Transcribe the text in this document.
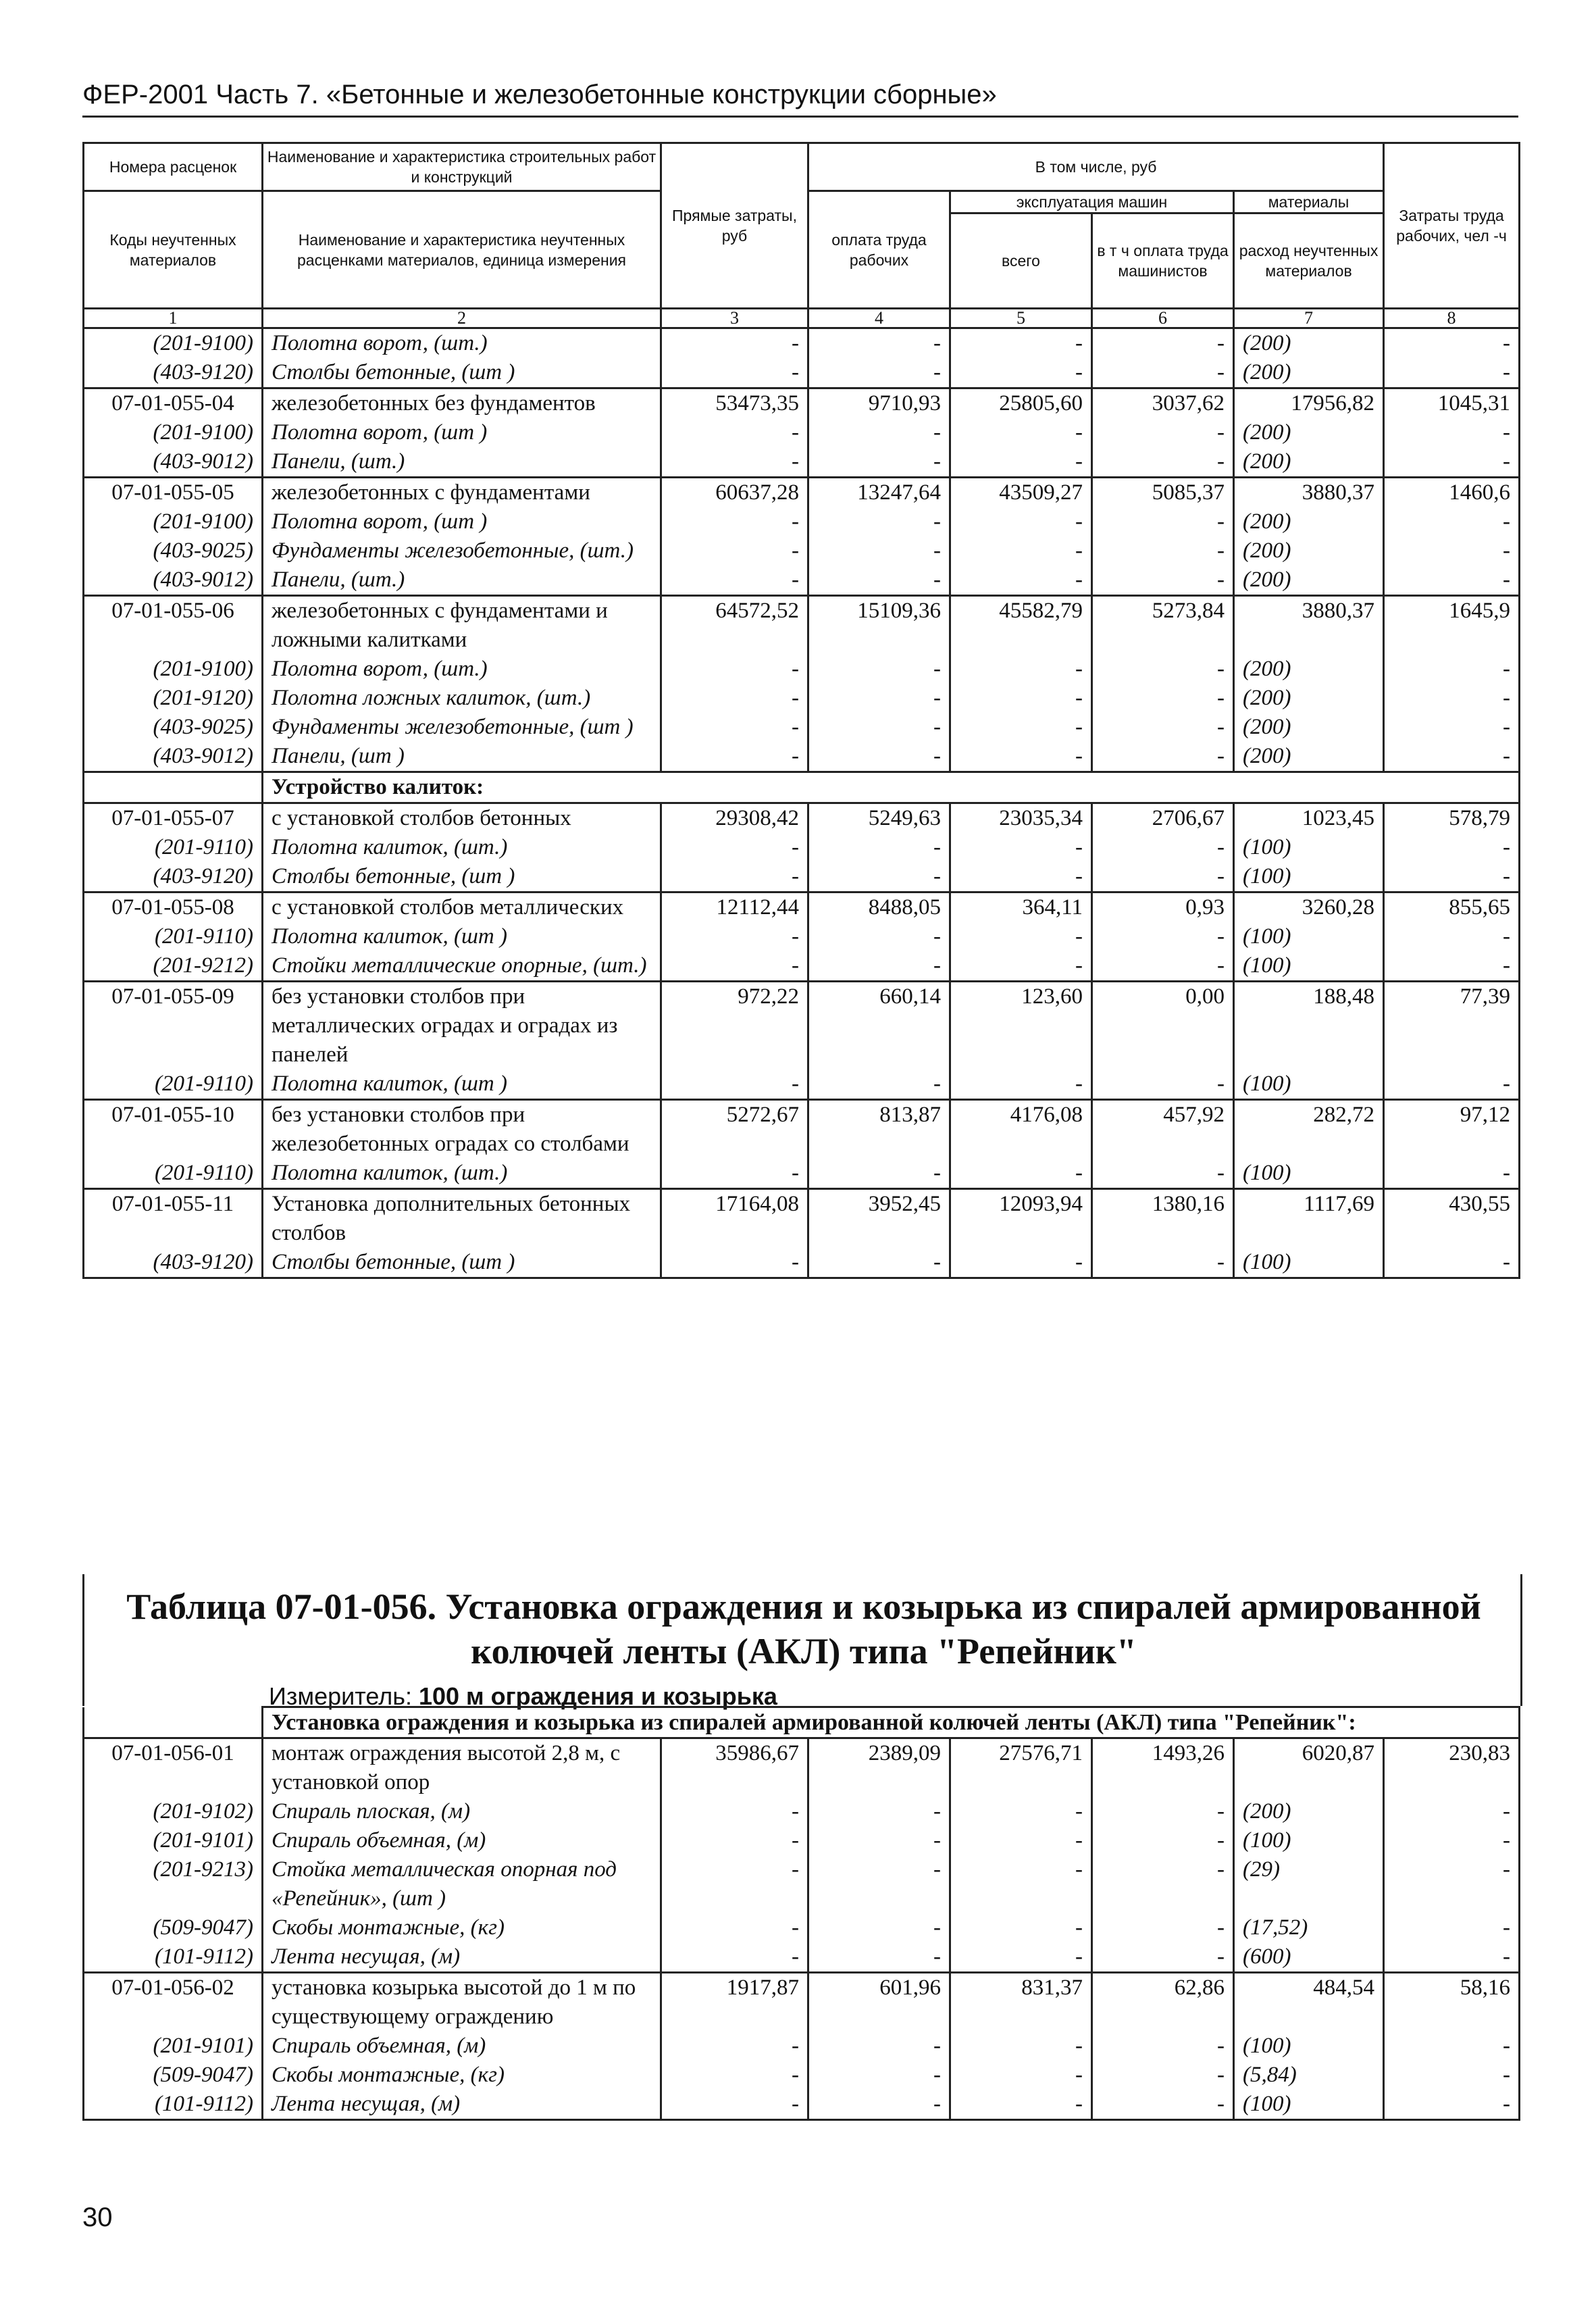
ФЕР-2001 Часть 7. «Бетонные и железобетонные конструкции сборные»
Номера расценок	Наименование и характеристика строительных работ и конструкций	Прямые затраты, руб	В том числе, руб				Затраты труда рабочих, чел -ч
Коды неучтенных материалов	Наименование и характеристика неучтенных расценками материалов, единица измерения		оплата труда рабочих	эксплуатация машин		материалы	
				всего	в т ч оплата труда машинистов	расход неучтенных материалов	
1	2	3	4	5	6	7	8
(201-9100)	Полотна ворот, (шт.)	-	-	-	-	(200)	-
(403-9120)	Столбы бетонные, (шт )	-	-	-	-	(200)	-
07-01-055-04	железобетонных без фундаментов	53473,35	9710,93	25805,60	3037,62	17956,82	1045,31
(201-9100)	Полотна ворот, (шт )	-	-	-	-	(200)	-
(403-9012)	Панели, (шт.)	-	-	-	-	(200)	-
07-01-055-05	железобетонных с фундаментами	60637,28	13247,64	43509,27	5085,37	3880,37	1460,6
(201-9100)	Полотна ворот, (шт )	-	-	-	-	(200)	-
(403-9025)	Фундаменты железобетонные, (шт.)	-	-	-	-	(200)	-
(403-9012)	Панели, (шт.)	-	-	-	-	(200)	-
07-01-055-06	железобетонных с фундаментами и ложными калитками	64572,52	15109,36	45582,79	5273,84	3880,37	1645,9
(201-9100)	Полотна ворот, (шт.)	-	-	-	-	(200)	-
(201-9120)	Полотна ложных калиток, (шт.)	-	-	-	-	(200)	-
(403-9025)	Фундаменты железобетонные, (шт )	-	-	-	-	(200)	-
(403-9012)	Панели, (шт )	-	-	-	-	(200)	-
	Устройство калиток:						
07-01-055-07	с установкой столбов бетонных	29308,42	5249,63	23035,34	2706,67	1023,45	578,79
(201-9110)	Полотна калиток, (шт.)	-	-	-	-	(100)	-
(403-9120)	Столбы бетонные, (шт )	-	-	-	-	(100)	-
07-01-055-08	с установкой столбов металлических	12112,44	8488,05	364,11	0,93	3260,28	855,65
(201-9110)	Полотна калиток, (шт )	-	-	-	-	(100)	-
(201-9212)	Стойки металлические опорные, (шт.)	-	-	-	-	(100)	-
07-01-055-09	без установки столбов при металлических оградах и оградах из панелей	972,22	660,14	123,60	0,00	188,48	77,39
(201-9110)	Полотна калиток, (шт )	-	-	-	-	(100)	-
07-01-055-10	без установки столбов при железобетонных оградах со столбами	5272,67	813,87	4176,08	457,92	282,72	97,12
(201-9110)	Полотна калиток, (шт.)	-	-	-	-	(100)	-
07-01-055-11	Установка дополнительных бетонных столбов	17164,08	3952,45	12093,94	1380,16	1117,69	430,55
(403-9120)	Столбы бетонные, (шт )	-	-	-	-	(100)	-
Таблица 07-01-056. Установка ограждения и козырька из спиралей армированной колючей ленты (АКЛ) типа "Репейник"
Измеритель: 100 м ограждения и козырька
	Установка ограждения и козырька из спиралей армированной колючей ленты (АКЛ) типа "Репейник":						
07-01-056-01	монтаж ограждения высотой 2,8 м, с установкой опор	35986,67	2389,09	27576,71	1493,26	6020,87	230,83
(201-9102)	Спираль плоская, (м)	-	-	-	-	(200)	-
(201-9101)	Спираль объемная, (м)	-	-	-	-	(100)	-
(201-9213)	Стойка металлическая опорная под «Репейник», (шт )	-	-	-	-	(29)	-
(509-9047)	Скобы монтажные, (кг)	-	-	-	-	(17,52)	-
(101-9112)	Лента несущая, (м)	-	-	-	-	(600)	-
07-01-056-02	установка козырька высотой до 1 м по существующему ограждению	1917,87	601,96	831,37	62,86	484,54	58,16
(201-9101)	Спираль объемная, (м)	-	-	-	-	(100)	-
(509-9047)	Скобы монтажные, (кг)	-	-	-	-	(5,84)	-
(101-9112)	Лента несущая, (м)	-	-	-	-	(100)	-
30
